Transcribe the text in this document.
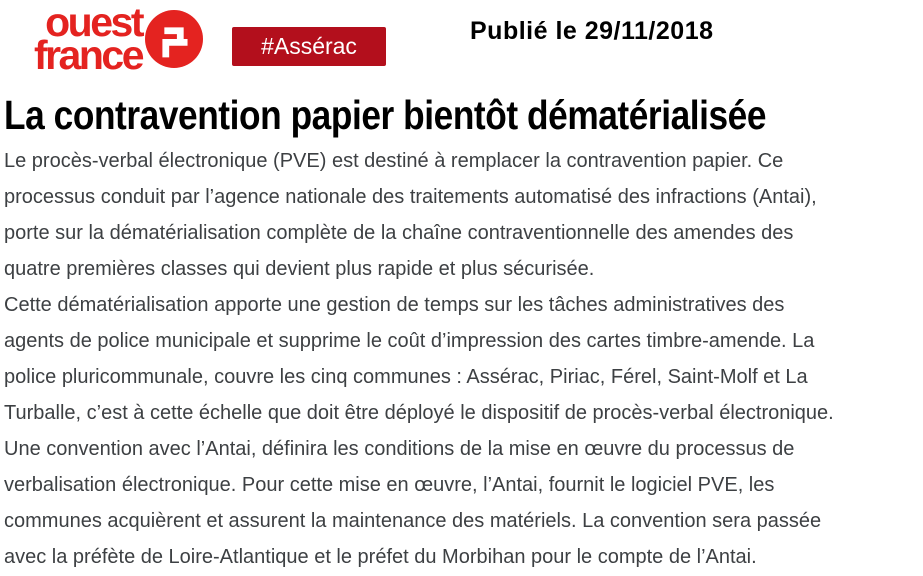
ouest
france	#Assérac
Publié le 29/11/2018
La contravention papier bientôt dématérialisée

Le procès-verbal électronique (PVE) est destiné à remplacer la contravention papier. Ce
processus conduit par l’agence nationale des traitements automatisé des infractions (Antai),
porte sur la dématérialisation complète de la chaîne contraventionnelle des amendes des
quatre premières classes qui devient plus rapide et plus sécurisée.

Cette dématérialisation apporte une gestion de temps sur les tâches administratives des
agents de police municipale et supprime le coût d’impression des cartes timbre-amende. La
police pluricommunale, couvre les cinq communes : Assérac, Piriac, Férel, Saint-Molf et La
Turballe, c’est à cette échelle que doit être déployé le dispositif de procès-verbal électronique.
Une convention avec l’Antai, définira les conditions de la mise en œuvre du processus de
verbalisation électronique. Pour cette mise en œuvre, l’Antai, fournit le logiciel PVE, les
communes acquièrent et assurent la maintenance des matériels. La convention sera passée
avec la préfète de Loire-Atlantique et le préfet du Morbihan pour le compte de l’Antai.
